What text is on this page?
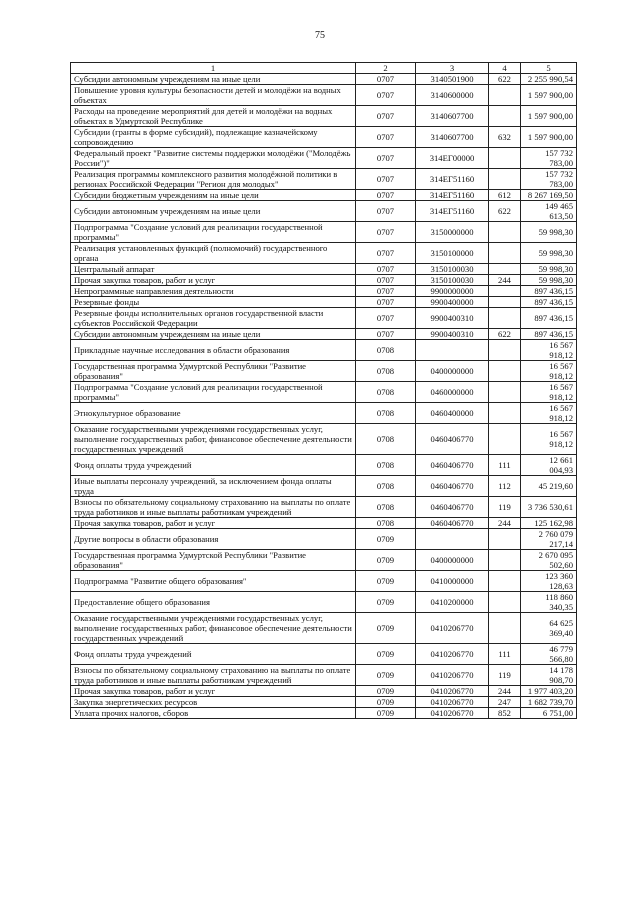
75
1	2	3	4	5
Субсидии автономным учреждениям на иные цели	0707	3140501900	622	2 255 990,54
Повышение уровня культуры безопасности детей и молодёжи на водных объектах	0707	3140600000		1 597 900,00
Расходы на проведение мероприятий для детей и молодёжи на водных объектах в Удмуртской Республике	0707	3140607700		1 597 900,00
Субсидии (гранты в форме субсидий), подлежащие казначейскому сопровождению	0707	3140607700	632	1 597 900,00
Федеральный проект "Развитие системы поддержки молодёжи ("Молодёжь России")"	0707	314ЕГ00000		157 732 783,00
Реализация программы комплексного развития молодёжной политики в регионах Российской Федерации "Регион для молодых"	0707	314ЕГ51160		157 732 783,00
Субсидии бюджетным учреждениям на иные цели	0707	314ЕГ51160	612	8 267 169,50
Субсидии автономным учреждениям на иные цели	0707	314ЕГ51160	622	149 465 613,50
Подпрограмма "Создание условий для реализации государственной программы"	0707	3150000000		59 998,30
Реализация установленных функций (полномочий) государственного органа	0707	3150100000		59 998,30
Центральный аппарат	0707	3150100030		59 998,30
Прочая закупка товаров, работ и услуг	0707	3150100030	244	59 998,30
Непрограммные направления деятельности	0707	9900000000		897 436,15
Резервные фонды	0707	9900400000		897 436,15
Резервные фонды исполнительных органов государственной власти субъектов Российской Федерации	0707	9900400310		897 436,15
Субсидии автономным учреждениям на иные цели	0707	9900400310	622	897 436,15
Прикладные научные исследования в области образования	0708			16 567 918,12
Государственная программа Удмуртской Республики "Развитие образования"	0708	0400000000		16 567 918,12
Подпрограмма "Создание условий для реализации государственной программы"	0708	0460000000		16 567 918,12
Этнокультурное образование	0708	0460400000		16 567 918,12
Оказание государственными учреждениями государственных услуг, выполнение государственных работ, финансовое обеспечение деятельности государственных учреждений	0708	0460406770		16 567 918,12
Фонд оплаты труда учреждений	0708	0460406770	111	12 661 004,93
Иные выплаты персоналу учреждений, за исключением фонда оплаты труда	0708	0460406770	112	45 219,60
Взносы по обязательному социальному страхованию на выплаты по оплате труда работников и иные выплаты работникам учреждений	0708	0460406770	119	3 736 530,61
Прочая закупка товаров, работ и услуг	0708	0460406770	244	125 162,98
Другие вопросы в области образования	0709			2 760 079 217,14
Государственная программа Удмуртской Республики "Развитие образования"	0709	0400000000		2 670 095 502,60
Подпрограмма "Развитие общего образования"	0709	0410000000		123 360 128,63
Предоставление общего образования	0709	0410200000		118 860 340,35
Оказание государственными учреждениями государственных услуг, выполнение государственных работ, финансовое обеспечение деятельности государственных учреждений	0709	0410206770		64 625 369,40
Фонд оплаты труда учреждений	0709	0410206770	111	46 779 566,80
Взносы по обязательному социальному страхованию на выплаты по оплате труда работников и иные выплаты работникам учреждений	0709	0410206770	119	14 178 908,70
Прочая закупка товаров, работ и услуг	0709	0410206770	244	1 977 403,20
Закупка энергетических ресурсов	0709	0410206770	247	1 682 739,70
Уплата прочих налогов, сборов	0709	0410206770	852	6 751,00
